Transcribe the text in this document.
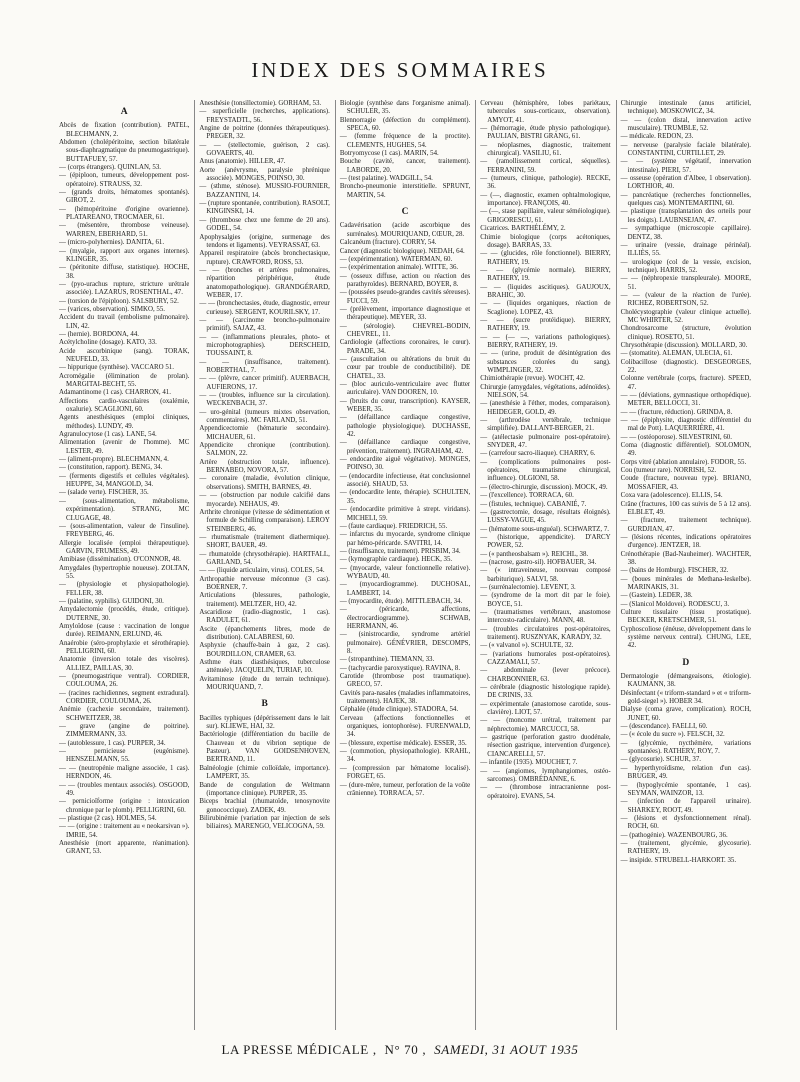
INDEX DES SOMMAIRES
A

Abcès de fixation (contribution). PATEL, BLECHMANN, 2.

Abdomen (cholépéritoine, section bilatérale sous-diaphragmatique du pneumogastrique). BUTTAFUEY, 57.

— (corps étrangers). QUINLAN, 53.

— (épiploon, tumeurs, développement post-opératoire). STRAUSS, 32.

— (grands droits, hématomes spontanés). GIROT, 2.

— (hémopéritoine d'origine ovarienne). PLATAREANO, TROCMAER, 61.

— (mésentère, thrombose veineuse). WARREN, EBERHARD, 51.

— (micro-polyhernies). DANITA, 61.

— (myalgie, rapport aux organes internes). KLINGER, 35.

— (péritonite diffuse, statistique). HOCHE, 38.

— (pyo-urachus rupture, stricture urétrale associée). LAZARUS, ROSENTHAL, 47.

— (torsion de l'épiploon). SALSBURY, 52.

— (varices, observation). SIMKO, 55.

Accident du travail (embolisme pulmonaire). LIN, 42.

— (hernie). BORDONA, 44.

Acétylcholine (dosage). KATO, 33.

Acide ascorbinique (sang). TORAK, NEUFELD, 33.

— hippurique (synthèse). VACCARO 51.

Acromégalie (élimination de prolan). MARGITAI-BECHT, 55.

Adamantinome (1 cas). CHARRON, 41.

Affections cardio-vasculaires (oxalémie, oxalurie). SCAGLIONI, 60.

Agents anesthésiques (emploi cliniques, méthodes). LUNDY, 49.

Agranulocytose (1 cas). LANE, 54.

Alimentation (avenir de l'homme). MC LESTER, 49.

— (aliment-propre). BLECHMANN, 4.

— (constitution, rapport). BENG, 34.

— (ferments digestifs et cellules végétales). HEUPPE, 34, MANGOLD, 34.

— (salade verte). FISCHER, 35.

— (sous-alimentation, métabolisme, expérimentation). STRANG, MC CLUGAGE, 48.

— (sous-alimentation, valeur de l'insuline). FREYBERG, 46.

Allergie localisée (emploi thérapeutique). GARVIN, FRUMESS, 49.

Amibiase (dissémination). O'CONNOR, 48.

Amygdales (hypertrophie noueuse). ZOLTAN, 55.

— (physiologie et physiopathologie). FELLER, 38.

— (palatine, syphilis). GUIDONI, 30.

Amydalectomie (procédés, étude, critique). DUTERNE, 30.

Amyloïdose (cause : vaccination de longue durée). REIMANN, ERLUND, 46.

Anaérobie (séro-prophylaxie et sérothérapie). PELLIGRINI, 60.

Anatomie (inversion totale des viscères). ALLIEZ, PAILLAS, 30.

— (pneumogastrique ventral). CORDIER, COULOUMA, 26.

— (racines rachidiennes, segment extradural). CORDIER, COULOUMA, 26.

Anémie (cachexie secondaire, traitement). SCHWEITZER, 38.

— grave (angine de poitrine). ZIMMERMANN, 33.

— (autoblessure, 1 cas). PURPER, 34.

— pernicieuse (eugénisme). HENSZELMANN, 55.

— — (neutropénie maligne associée, 1 cas). HERNDON, 46.

— — (troubles mentaux associés). OSGOOD, 49.

— pernicioïforme (origine : intoxication chronique par le plomb). PELLIGRINI, 60.

— plastique (2 cas). HOLMES, 54.

— — (origine : traitement au « neokarsivan »). IMRIE, 54.

Anesthésie (mort apparente, réanimation). GRANT, 53.

Anesthésie (tonsillectomie). GORHAM, 53.

— superficielle (recherches, applications). FREYSTADTL, 56.

Angine de poitrine (données thérapeutiques). PREGER, 32.

— — (stellectomie, guérison, 2 cas). GOVAERTS, 40.

Anus (anatomie). HILLER, 47.

Aorte (anévrysme, paralysie phrénique associée). MONGES, POINSO, 30.

— (sthme, sténose). MUSSIO-FOURNIER, BAZZANTINI, 14.

— (rupture spontanée, contribution). RASOLT, KINGINSKI, 14.

— (thrombose chez une femme de 20 ans). GODEL, 54.

Apophysalgies (origine, surmenage des tendons et ligaments). VEYRASSAT, 63.

Appareil respiratoire (abcès bronchectasique, rupture). CRAWFORD, ROSS, 53.

— — (bronches et artères pulmonaires, répartition périphérique, étude anatomopathologique). GRANDGÉRARD, WEBER, 17.

— — (bronchectasies, étude, diagnostic, erreur curieuse). SERGENT, KOURILSKY, 17.

— — (carcinome broncho-pulmonaire primitif). SAJAZ, 43.

— — (inflammations pleurales, photo- et microphotographies). DERSCHEID, TOUSSAINT, 8.

— — (insuffisance, traitement). ROBERTHAL, 7.

— — (plèvre, cancer primitif). AUERBACH, AUFIERONS, 17.

— — (troubles, influence sur la circulation). WECKENBACH, 37.

— uro-génital (tumeurs mixtes observation, commentaires). MC FARLAND, 51.

Appendicectomie (hématurie secondaire). MICHAUER, 61.

Appendicite chronique (contribution). SALMON, 22.

Artère (obstruction totale, influence). BERNABEO, NOVORA, 57.

— coronaire (maladie, évolution clinique, observations). SMITH, BARNES, 49.

— — (obstruction par nodule calcifié dans myocarde). NEHAUS, 49.

Arthrite chronique (vitesse de sédimentation et formule de Schilling comparaison). LEROY STEINBERG, 46.

— rhumatismale (traitement diathermique). SHORT, BAUER, 49.

— rhumatoïde (chrysothérapie). HARTFALL, GARLAND, 54.

— — (liquide articulaire, virus). COLES, 54.

Arthropathie nerveuse méconnue (3 cas). BOERNER, 7.

Articulations (blessures, pathologie, traitement). MELTZER, HO, 42.

Ascaridiose (radio-diagnostic, 1 cas). RADULET, 61.

Ascite (épanchements libres, mode de distribution). CALABRESI, 60.

Asphyxie (chauffe-bain à gaz, 2 cas). BOURDILLON, CRAMER, 63.

Asthme états diasthésiques, tuberculose atténuée). JACQUELIN, TURIAF, 10.

Avitaminose (étude du terrain technique). MOURIQUAND, 7.

B

Bacilles typhiques (dépérissement dans le lait sur). KLIEWE, HAI, 32.

Bactériologie (différentiation du bacille de Chauveau et du vibrion septique de Pasteur). VAN GOIDSENHOVEN, BERTRAND, 11.

Balnéologie (chimie colloïdale, importance). LAMPERT, 35.

Bande de congulation de Weltmann (importance clinique). PURPER, 35.

Biceps brachial (rhumatoïde, tenosynovite gonococcique). ZADEK, 49.

Bilirubinémie (variation par injection de sels biliaires). MARENGO, VELICOGNA, 59.

Biologie (synthèse dans l'organisme animal). SCHULER, 35.

Blennorragie (défection du complément). SPECA, 60.

— (femme fréquence de la proctite). CLEMENTS, HUGHES, 54.

Botryomycose (1 cas). MARIN, 54.

Bouche (cavité, cancer, traitement). LABORDE, 20.

— (test palatine). WADGILL, 54.

Broncho-pneumonie interstitielle. SPRUNT, MARTIN, 54.

C

Cadavérisation (acide ascorbique des surrénales). MOURIQUAND, CŒUR, 28.

Calcanéum (fracture). CORRY, 54.

Cancer (diagnostic biologique). NEDAH, 64.

— (expérimentation). WATERMAN, 60.

— (expérimentation animale). WITTE, 36.

— (osseux diffuse, action ou réaction des parathyroïdes). BERNARD, BOYER, 8.

— (poussées pseudo-grandes cavités séreuses). FUCCI, 59.

— (prélèvement, importance diagnostique et thérapeutique). MEYER, 33.

— (sérologie). CHEVREL-BODIN, CHEVREL, 11.

Cardiologie (affections coronaires, le cœur). PARADE, 34.

— (auscultation ou altérations du bruit du cœur par trouble de conductibilité). DE CHATEL, 33.

— (bloc auriculo-ventriculaire avec flutter auriculaire). VAN DOOREN, 10.

— (bruits du cœur, transcription). KAYSER, WEBER, 35.

— (défaillance cardiaque congestive, pathologie physiologique). DUCHASSE, 42.

— (défaillance cardiaque congestive, prévention, traitement). INGRAHAM, 42.

— endocardite aiguë végétative). MONGES, POINSO, 30.

— (endocardite infectieuse, état conclusionnel associé). SHAUD, 53.

— (endocardite lente, thérapie). SCHULTEN, 35.

— (endocardite primitive à strept. viridans). MICHELI, 59.

— (faute cardiaque). FRIEDRICH, 55.

— infarctus du myocarde, syndrome clinique par hémo-péricarde. SAVITRI, 14.

— (insuffisance, traitement). PRISBIM, 34.

— (kymographie cardiaque). HECK, 35.

— (myocarde, valeur fonctionnelle relative). WYBAUD, 40.

— (myocardiogramme). DUCHOSAL, LAMBERT, 14.

— (myocardite, étude). MITTLEBACH, 34.

— (péricarde, affections, électrocardiogramme). SCHWAB, HERRMANN, 46.

— (sinistrocardie, syndrome artériel pulmonaire). GÉNÉVRIER, DESCOMPS, 8.

— (stropanthine). TIEMANN, 33.

— (tachycardie paroxystique). RAVINA, 8.

Carotide (thrombose post traumatique). GRECO, 57.

Cavités para-nasales (maladies inflammatoires, traitements). HAJEK, 38.

Céphalée (étude clinique). STADORA, 54.

Cerveau (affections fonctionnelles et organiques, iontophorèse). FURENWALD, 34.

— (blessure, expertise médicale). ESSER, 35.

— (commotion, physiopathologie). KRAHL, 34.

— (compression par hématome localisé). FORGET, 65.

— (dure-mère, tumeur, perforation de la voûte crânienne). TORRACA, 57.

Cerveau (hémisphère, lobes pariétaux, tubercules sous-corticaux, observation). AMYOT, 41.

— (hémorragie, étude physio pathologique). PAULIAN, BISTRI GRANG, 61.

— néoplasmes, diagnostic, traitement chirurgical). VASILIU, 61.

— (ramollissement cortical, séquelles). FERRANINI, 59.

— (tumeurs, clinique, pathologie). RECKE, 36.

— (—, diagnostic, examen ophtalmologique, importance). FRANÇOIS, 40.

— (—, stase papillaire, valeur séméiologique). GRIGORESCU, 61.

Cicatrices. BARTHÉLÉMY, 2.

Chimie biologique (corps acétoniques, dosage). BARRAS, 33.

— — (glucides, rôle fonctionnel). BIERRY, RATHERY, 19.

— — (glycémie normale). BIERRY, RATHERY, 19.

— — (liquides ascitiques). GAUJOUX, BRAHIC, 30.

— — (liquides organiques, réaction de Scaglione). LOPEZ, 43.

— — (sucre protéidique). BIERRY, RATHERY, 19.

— — (— —, variations pathologiques). BIERRY, RATHERY, 19.

— — (urine, produit de désintégration des substances colorées du sang). WIMPLINGER, 32.

Chimiothérapie (revue). WOCHT, 42.

Chirurgie (amygdales, végétations, adénoïdes). NIELSON, 54.

— (anesthésie à l'éther, modes, comparaison). HEIDEGER, GOLD, 49.

— (arthrodèse vertébrale, technique simplifiée). DALLANT-BERGER, 21.

— (atélectasie pulmonaire post-opératoire). SNYDER, 47.

— (carrefour sacro-iliaque). CHARRY, 6.

— (complications pulmonaires post-opératoires, traumatisme chirurgical, influence). OLGIONI, 58.

— (électro-chirurgie, discussion). MOCK, 49.

— (l'excellence). TORRACA, 60.

— (fistules, technique). CABANIÉ, 7.

— (gastrectomie, dosage, résultats éloignés). LUSSY-VAGUE, 45.

— (hématome sous-unguéal). SCHWARTZ, 7.

— (historique, appendicite). D'ARCY POWER, 52.

— (« pantheosbalsam »). REICHL, 38.

— (nacrose, gastro-sil). HOFBAUER, 34.

— (« intraveineuse, nouveau composé barbiturique). SALVI, 58.

— (surrénalectomie). LEVENT, 3.

— (syndrome de la mort dit par le foie). BOYCE, 51.

— (traumatismes vertébraux, anastomose intercosto-radiculaire). MANN, 48.

— (troubles circulatoires post-opératoires, traitement). RUSZNYAK, KARADY, 32.

— (« valvanol »). SCHULTE, 32.

— (variations humorales post-opératoires). CAZZAMALI, 57.

— abdominale (lever précoce). CHARBONNIER, 63.

— cérébrale (diagnostic histologique rapide). DE CRINIS, 33.

— expérimentale (anastomose carotide, sous-clavière). LIOT, 57.

— — (moncome urétral, traitement par néphrectomie). MARCUCCI, 58.

— gastrique (perforation gastro duodénale, résection gastrique, intervention d'urgence). CIANCARELLI, 57.

— infantile (1935). MOUCHET, 7.

— — (angiomes, lymphangiomes, ostéo-sarcomes). OMBRÉDANNE, 6.

— — (thrombose intracranienne post-opératoire). EVANS, 54.

Chirurgie intestinale (anus artificiel, technique). MOSKOWICZ, 34.

— — (colon distal, innervation active musculaire). TRUMBLE, 52.

— médicale. REDON, 23.

— nerveuse (paralysie faciale bilatérale). CONSTANTINI, CURTILLET, 29.

— — (système végétatif, innervation intestinale). PIERI, 57.

— osseuse (opération d'Albee, 1 observation). LORTHIOR, 40.

— pancréatique (recherches fonctionnelles, quelques cas). MONTEMARTINI, 60.

— plastique (transplantation des orteils pour les doigts). LAUBNSEJAN, 47.

— sympathique (microscopie capillaire). DENTZ, 38.

— urinaire (vessie, drainage périnéal). ILLIÈS, 55.

— urologique (col de la vessie, excision, technique). HARRIS, 52.

— — (néphropexie transpleurale). MOORE, 51.

— — (valeur de la réaction de l'urée). RICHEZ, ROBERTSON, 52.

Cholécystographie (valeur clinique actuelle). MC WHIRTER, 52.

Chondrosarcome (structure, évolution clinique). ROSETO, 51.

Chrysothérapie (discussion). MOLLARD, 30.

— (stomatite). ALEMAN, ULECIA, 61.

Colibacillose (diagnostic). DESGEORGES, 22.

Colonne vertébrale (corps, fracture). SPEED, 47.

— — (déviations, gymnastique orthopédique). METER, BELLOCCI, 31.

— — (fracture, réduction). GRINDA, 8.

— — (épiphysite, diagnostic différentiel du mal de Pott). LAQUERRIÈRE, 41.

— — (ostéoporose). SILVESTRINI, 60.

Coma (diagnostic différentiel). SOLOMON, 49.

Corps vitré (ablation annulaire). FODOR, 55.

Cou (tumeur rare). NORRISH, 52.

Coude (fracture, nouveau type). BRIANO, MOSSAFIER, 43.

Coxa vara (adolescence). ELLIS, 54.

Crâne (fractures, 100 cas suivis de 5 à 12 ans). ELBLET, 49.

— (fracture, traitement technique). GURDJIAN, 47.

— (lésions récentes, indications opératoires d'urgence). JENTZER, 18.

Crénothérapie (Bad-Nauheimer). WACHTER, 38.

— (bains de Homburg). FISCHER, 32.

— (boues minérales de Methana-leskelbe). MARINAKIS, 31.

— (Gastein). LEDER, 38.

— (Slanicol Moldovei). RODESCU, 3.

Culture tissulaire (tissu prostatique). BECKER, KRETSCHMER, 51.

Cyphoscoliose (énéuse, développement dans le système nerveux central). CHUNG, LEE, 42.

D

Dermatologie (démangeaisons, étiologie). KAUMANN, 38.

Désinfectant (« triform-standard » et « triform-gold-siegel »). HOBER 34.

Dialyse (coma grave, complication). ROCH, JUNET, 60.

— (descendance). FAELLI, 60.

— (« école du sucre »). FELSCH, 32.

— (glycémie, nycthémère, variations spontanées). RATHERY, ROY, 7.

— (glycosurie). SCHUR, 37.

— hyperthyroïdisme, relation d'un cas). BRUGER, 49.

— (hypoglycémie spontanée, 1 cas). SEYMAN, WAINZOR, 13.

— (infection de l'appareil urinaire). SHARKEY, ROOT, 49.

— (lésions et dysfonctionnement rénal). ROCH, 60.

— (pathogénie). WAZENBOURG, 36.

— (traitement, glycémie, glycosurie). RATHERY, 19.

— insipide. STRUBELL-HARKORT. 35.

LA PRESSE MÉDICALE , N° 70 , SAMEDI, 31 AOUT 1935
